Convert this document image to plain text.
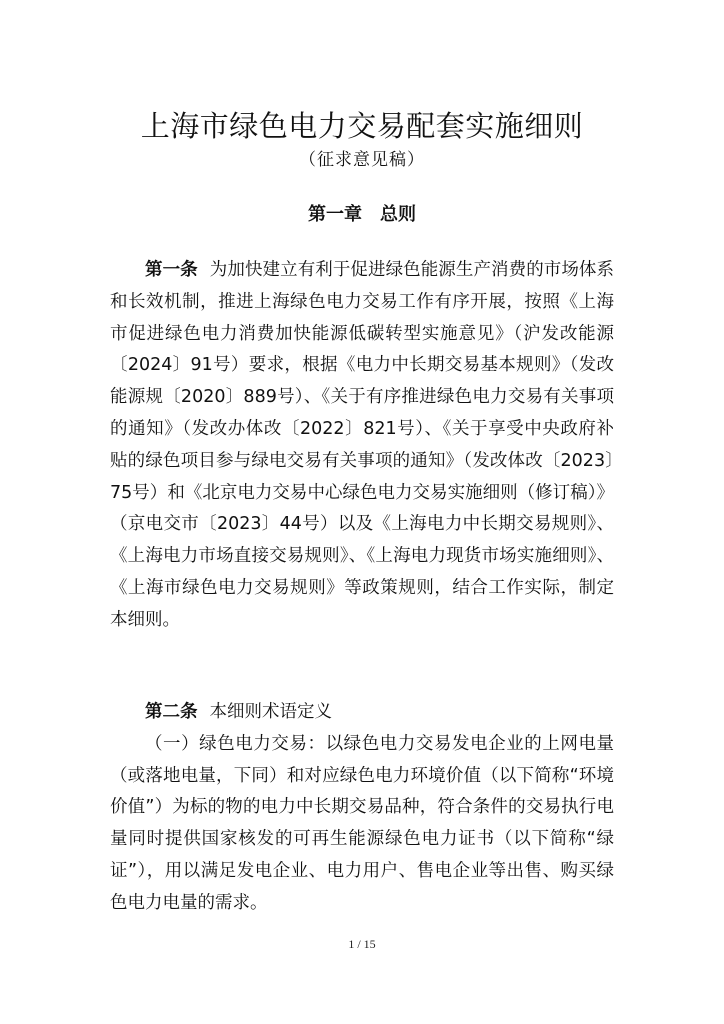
上海市绿色电力交易配套实施细则
（征求意见稿）
第一章 总则

第一条 为加快建立有利于促进绿色能源生产消费的市场体系和长效机制，推进上海绿色电力交易工作有序开展，按照《上海市促进绿色电力消费加快能源低碳转型实施意见》（沪发改能源〔2024〕91号）要求，根据《电力中长期交易基本规则》（发改能源规〔2020〕889号）、《关于有序推进绿色电力交易有关事项的通知》（发改办体改〔2022〕821号）、《关于享受中央政府补贴的绿色项目参与绿电交易有关事项的通知》（发改体改〔2023〕75号）和《北京电力交易中心绿色电力交易实施细则（修订稿）》（京电交市〔2023〕44号）以及《上海电力中长期交易规则》、《上海电力市场直接交易规则》、《上海电力现货市场实施细则》、《上海市绿色电力交易规则》等政策规则，结合工作实际，制定本细则。

第二条 本细则术语定义

（一）绿色电力交易：以绿色电力交易发电企业的上网电量（或落地电量，下同）和对应绿色电力环境价值（以下简称“环境价值”）为标的物的电力中长期交易品种，符合条件的交易执行电量同时提供国家核发的可再生能源绿色电力证书（以下简称“绿证”），用以满足发电企业、电力用户、售电企业等出售、购买绿色电力电量的需求。

1 / 15
